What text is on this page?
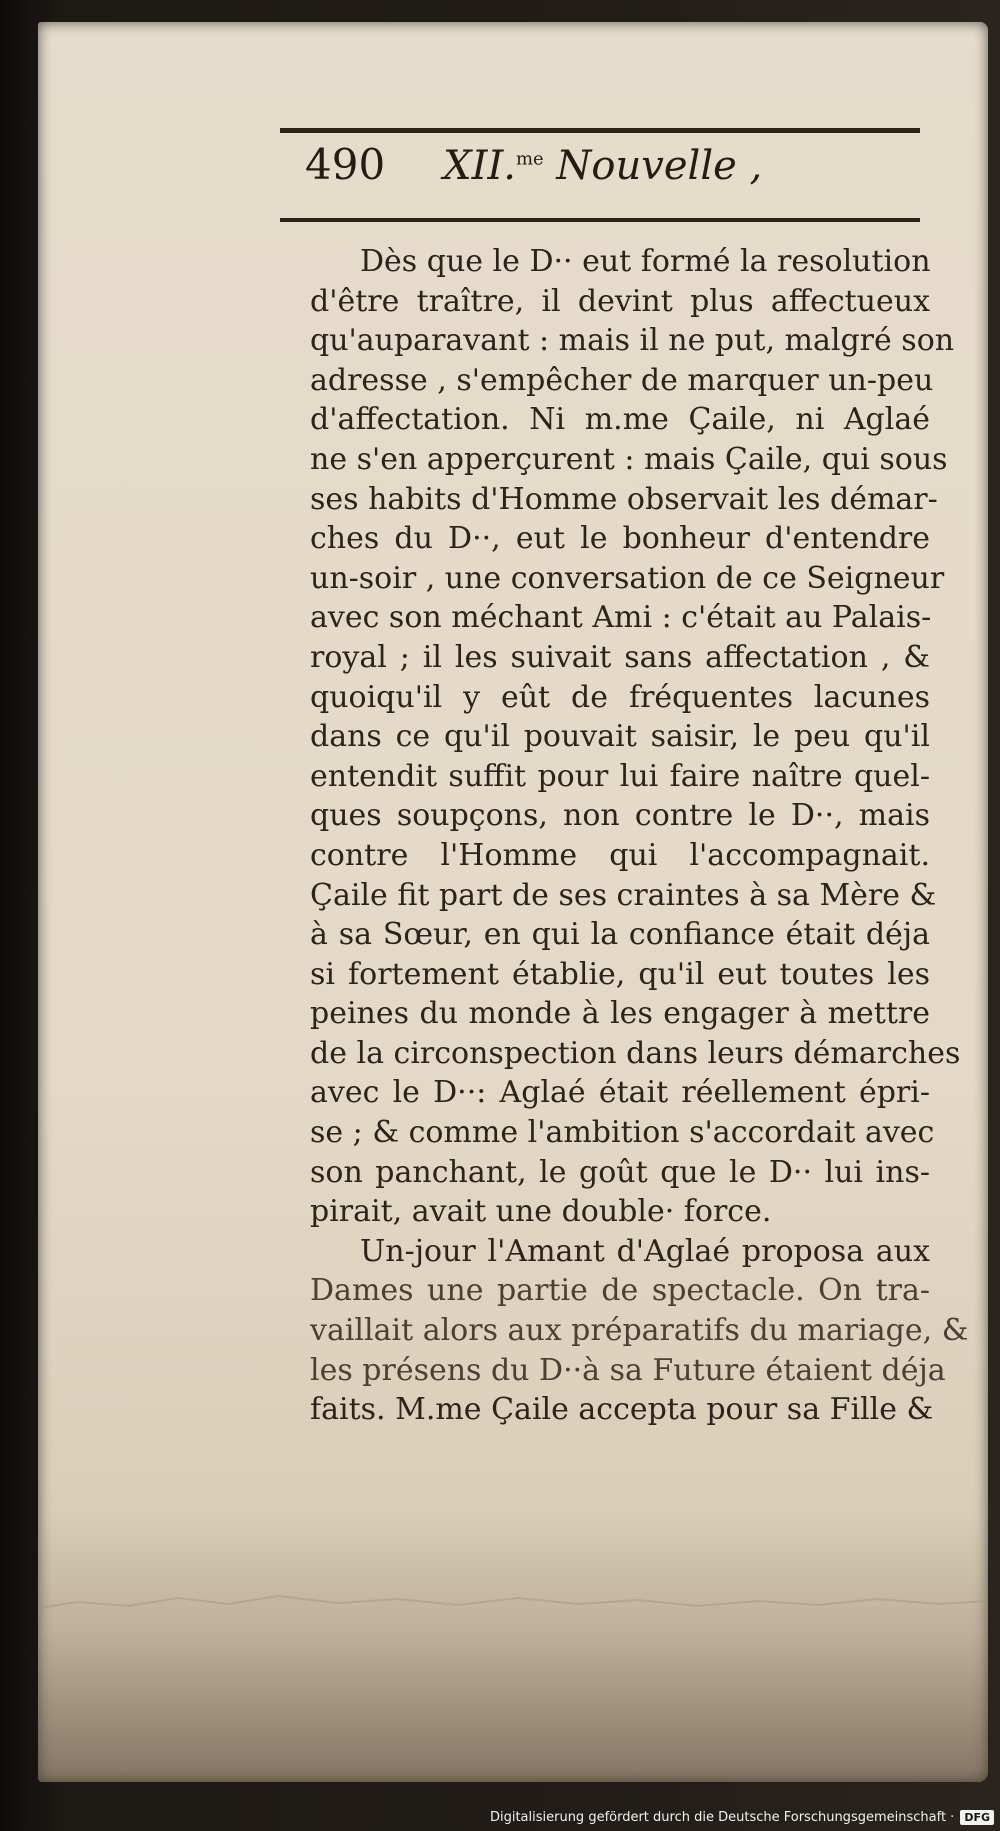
490 XII.$^{me}$ Nouvelle ,
Dès que le D·· eut formé la resolution
d'être traître, il devint plus affectueux
qu'auparavant : mais il ne put, malgré son
adresse , s'empêcher de marquer un-peu
d'affectation. Ni m.me Çaile, ni Aglaé
ne s'en apperçurent : mais Çaile, qui sous
ses habits d'Homme observait les démar-
ches du D··, eut le bonheur d'entendre
un-soir , une conversation de ce Seigneur
avec son méchant Ami : c'était au Palais-
royal ; il les suivait sans affectation , &
quoiqu'il y eût de fréquentes lacunes
dans ce qu'il pouvait saisir, le peu qu'il
entendit suffit pour lui faire naître quel-
ques soupçons, non contre le D··, mais
contre l'Homme qui l'accompagnait.
Çaile fit part de ses craintes à sa Mère &
à sa Sœur, en qui la confiance était déja
si fortement établie, qu'il eut toutes les
peines du monde à les engager à mettre
de la circonspection dans leurs démarches
avec le D··: Aglaé était réellement épri-
se ; & comme l'ambition s'accordait avec
son panchant, le goût que le D·· lui ins-
pirait, avait une double· force.
Un-jour l'Amant d'Aglaé proposa aux
Dames une partie de spectacle. On tra-
vaillait alors aux préparatifs du mariage, &
les présens du D··à sa Future étaient déja
faits. M.me Çaile accepta pour sa Fille &
Digitalisierung gefördert durch die Deutsche Forschungsgemeinschaft · DFG
